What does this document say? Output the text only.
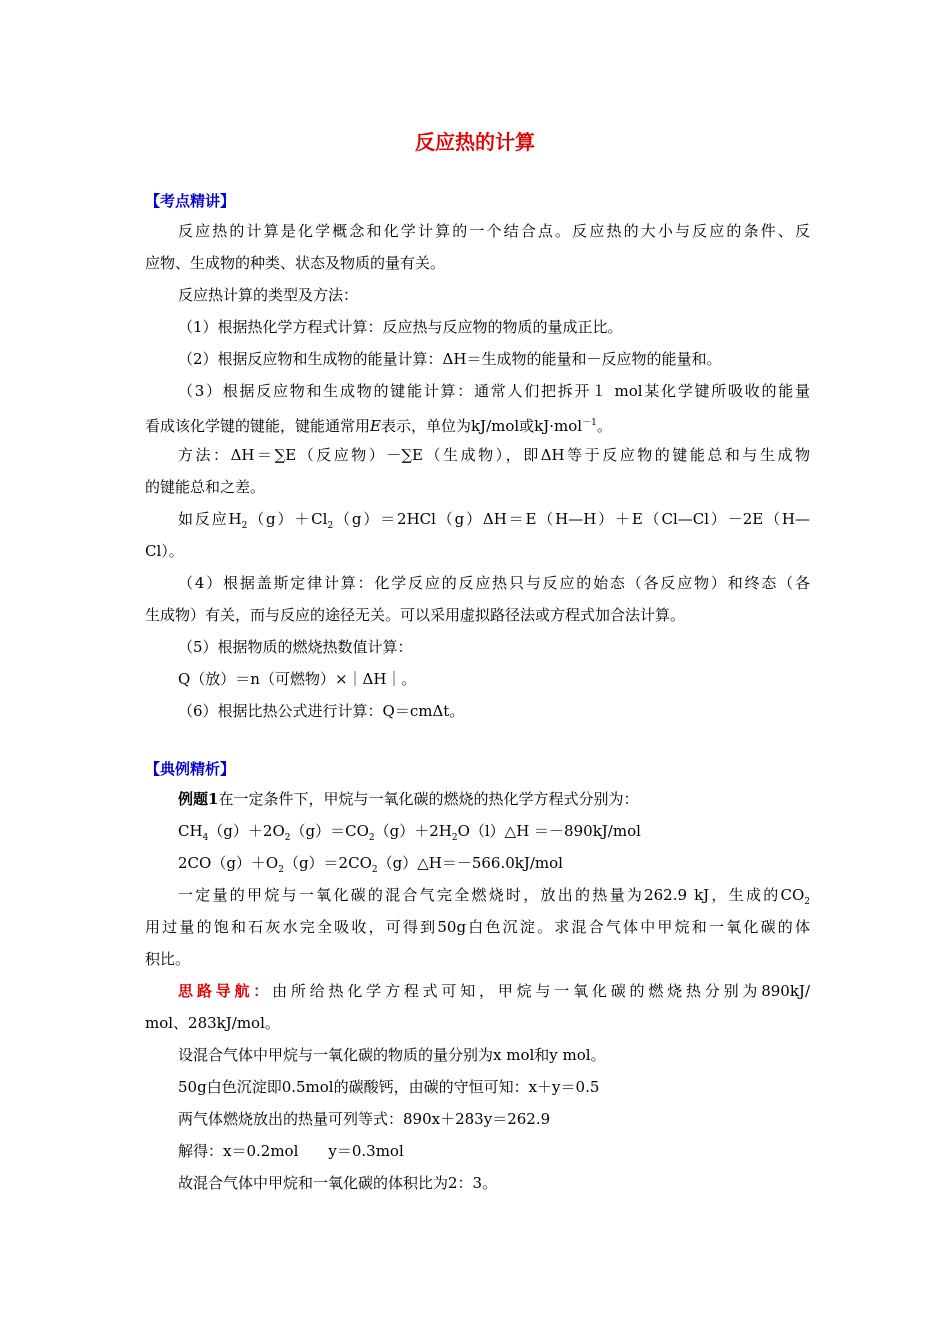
反应热的计算
【考点精讲】
反应热的计算是化学概念和化学计算的一个结合点。反应热的大小与反应的条件、反
应物、生成物的种类、状态及物质的量有关。
反应热计算的类型及方法：
（1）根据热化学方程式计算：反应热与反应物的物质的量成正比。
（2）根据反应物和生成物的能量计算：ΔH＝生成物的能量和－反应物的能量和。
（3）根据反应物和生成物的键能计算：通常人们把拆开１ mol某化学键所吸收的能量
看成该化学键的键能，键能通常用E表示，单位为kJ/mol或kJ·mol$^{-1}$。
方法：ΔH＝∑E（反应物）－∑E（生成物），即ΔH等于反应物的键能总和与生成物
的键能总和之差。
如反应$H_2(g)+Cl_2(g)=2HCl(g)\Delta H=E(H—H)+E(Cl—Cl)-2E(H—$
Cl）。
（4）根据盖斯定律计算：化学反应的反应热只与反应的始态（各反应物）和终态（各
生成物）有关，而与反应的途径无关。可以采用虚拟路径法或方程式加合法计算。
（5）根据物质的燃烧热数值计算：
Q（放）＝n（可燃物）×｜ΔH｜。
（6）根据比热公式进行计算：Q＝cmΔt。
【典例精析】
例题1在一定条件下，甲烷与一氧化碳的燃烧的热化学方程式分别为：
$CH_4(g)+2O_2(g)=CO_2(g)+2H_2O(l)\triangle H =-890kJ/mol$
$2CO(g)+O_2(g)=2CO_2(g)\triangle H=-566.0kJ$/mol
一定量的甲烷与一氧化碳的混合气完全燃烧时，放出的热量为262.9 kJ，生成的$CO_2$
用过量的饱和石灰水完全吸收，可得到50g白色沉淀。求混合气体中甲烷和一氧化碳的体
积比。
思路导航：由所给热化学方程式可知，甲烷与一氧化碳的燃烧热分别为890kJ/
mol、283kJ/mol。
设混合气体中甲烷与一氧化碳的物质的量分别为x mol和y mol。
50g白色沉淀即0.5mol的碳酸钙，由碳的守恒可知：x＋y＝0.5
两气体燃烧放出的热量可列等式：890x＋283y＝262.9
解得：x＝0.2mol　　y＝0.3mol
故混合气体中甲烷和一氧化碳的体积比为2：3。
